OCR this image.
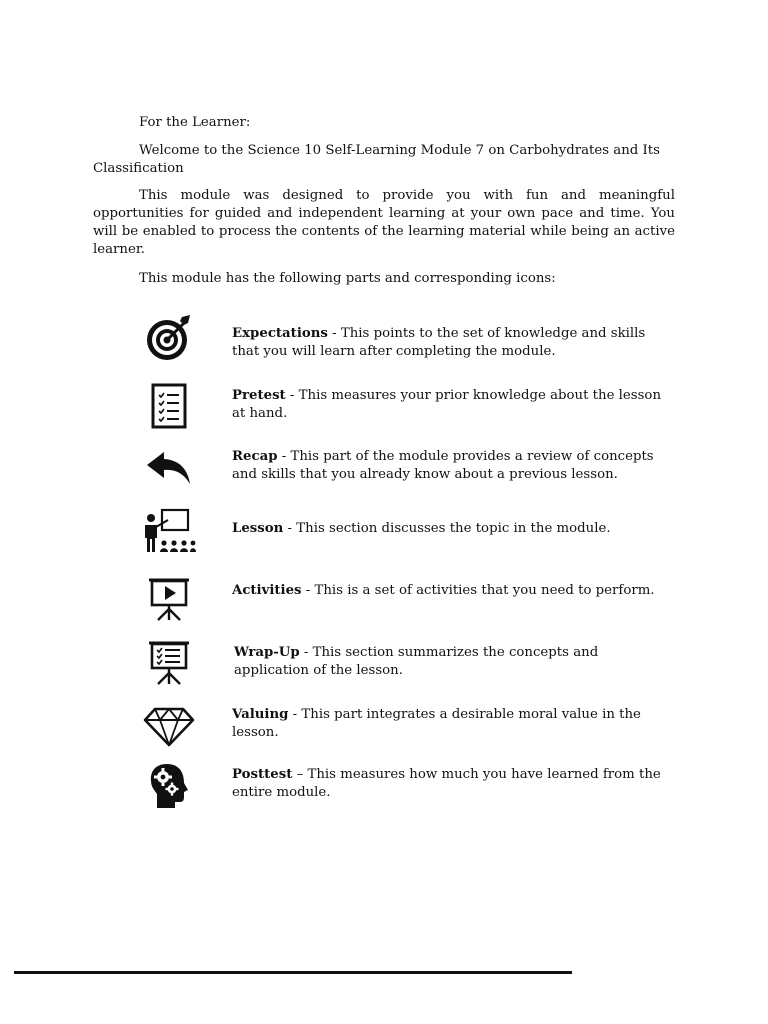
For the Learner:
Welcome to the Science 10 Self-Learning Module 7 on Carbohydrates and Its Classification
This module was designed to provide you with fun and meaningful opportunities for guided and independent learning at your own pace and time. You will be enabled to process the contents of the learning material while being an active learner.
This module has the following parts and corresponding icons:
Expectations - This points to the set of knowledge and skills that you will learn after completing the module.
Pretest - This measures your prior knowledge about the lesson at hand.
Recap - This part of the module provides a review of concepts and skills that you already know about a previous lesson.
Lesson - This section discusses the topic in the module.
Activities - This is a set of activities that you need to perform.
Wrap-Up - This section summarizes the concepts and application of the lesson.
Valuing - This part integrates a desirable moral value in the lesson.
Posttest – This measures how much you have learned from the entire module.
